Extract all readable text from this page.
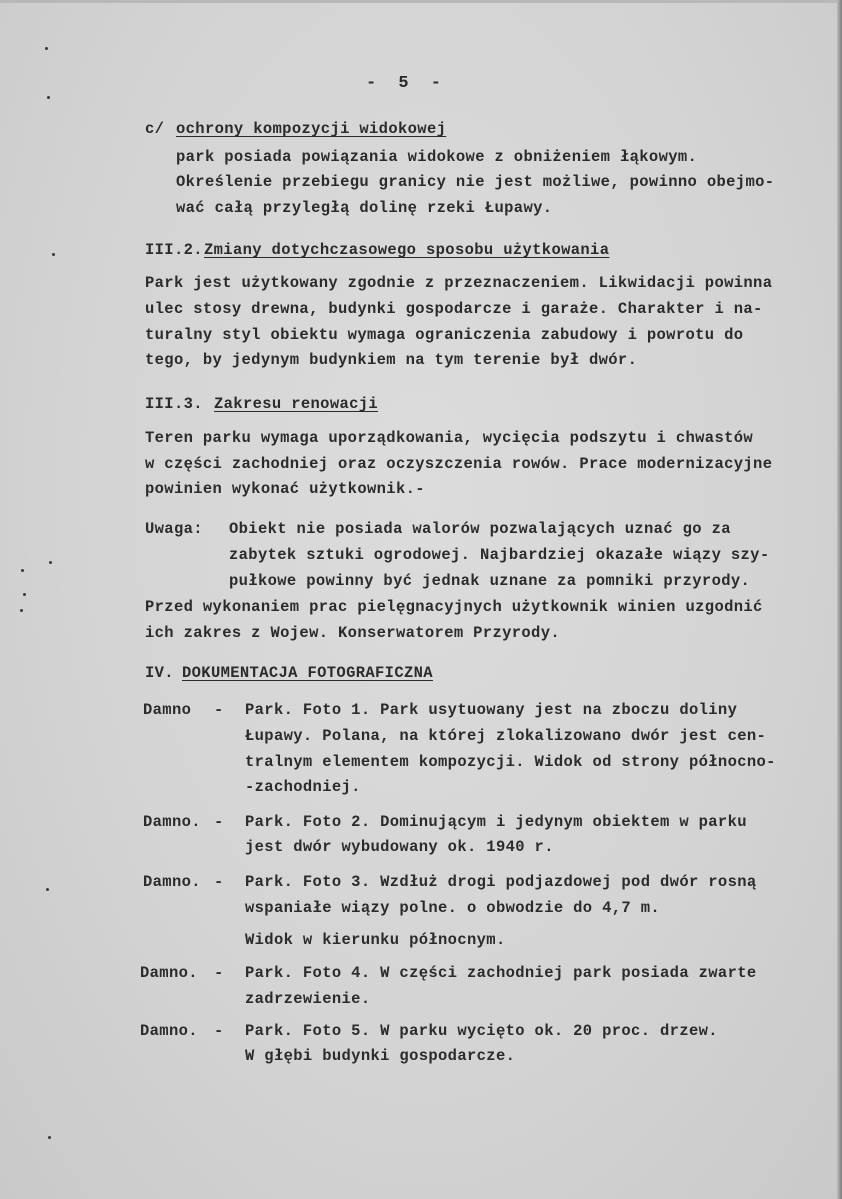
- 5 -
c/ ochrony kompozycji widokowej
park posiada powiązania widokowe z obniżeniem łąkowym.
Określenie przebiegu granicy nie jest możliwe, powinno obejmo-
wać całą przyległą dolinę rzeki Łupawy.
III.2. Zmiany dotychczasowego sposobu użytkowania
Park jest użytkowany zgodnie z przeznaczeniem. Likwidacji powinna
ulec stosy drewna, budynki gospodarcze i garaże. Charakter i na-
turalny styl obiektu wymaga ograniczenia zabudowy i powrotu do
tego, by jedynym budynkiem na tym terenie był dwór.
III.3. Zakresu renowacji
Teren parku wymaga uporządkowania, wycięcia podszytu i chwastów
w części zachodniej oraz oczyszczenia rowów. Prace modernizacyjne
powinien wykonać użytkownik.-
Uwaga: Obiekt nie posiada walorów pozwalających uznać go za
zabytek sztuki ogrodowej. Najbardziej okazałe wiązy szy-
pułkowe powinny być jednak uznane za pomniki przyrody.
Przed wykonaniem prac pielęgnacyjnych użytkownik winien uzgodnić
ich zakres z Wojew. Konserwatorem Przyrody.
IV. DOKUMENTACJA FOTOGRAFICZNA
Damno - Park. Foto 1. Park usytuowany jest na zboczu doliny
Łupawy. Polana, na której zlokalizowano dwór jest cen-
tralnym elementem kompozycji. Widok od strony północno-
-zachodniej.
Damno. - Park. Foto 2. Dominującym i jedynym obiektem w parku
jest dwór wybudowany ok. 1940 r.
Damno. - Park. Foto 3. Wzdłuż drogi podjazdowej pod dwór rosną
wspaniałe wiązy polne. o obwodzie do 4,7 m.
Widok w kierunku północnym.
Damno. - Park. Foto 4. W części zachodniej park posiada zwarte
zadrzewienie.
Damno. - Park. Foto 5. W parku wycięto ok. 20 proc. drzew.
W głębi budynki gospodarcze.
